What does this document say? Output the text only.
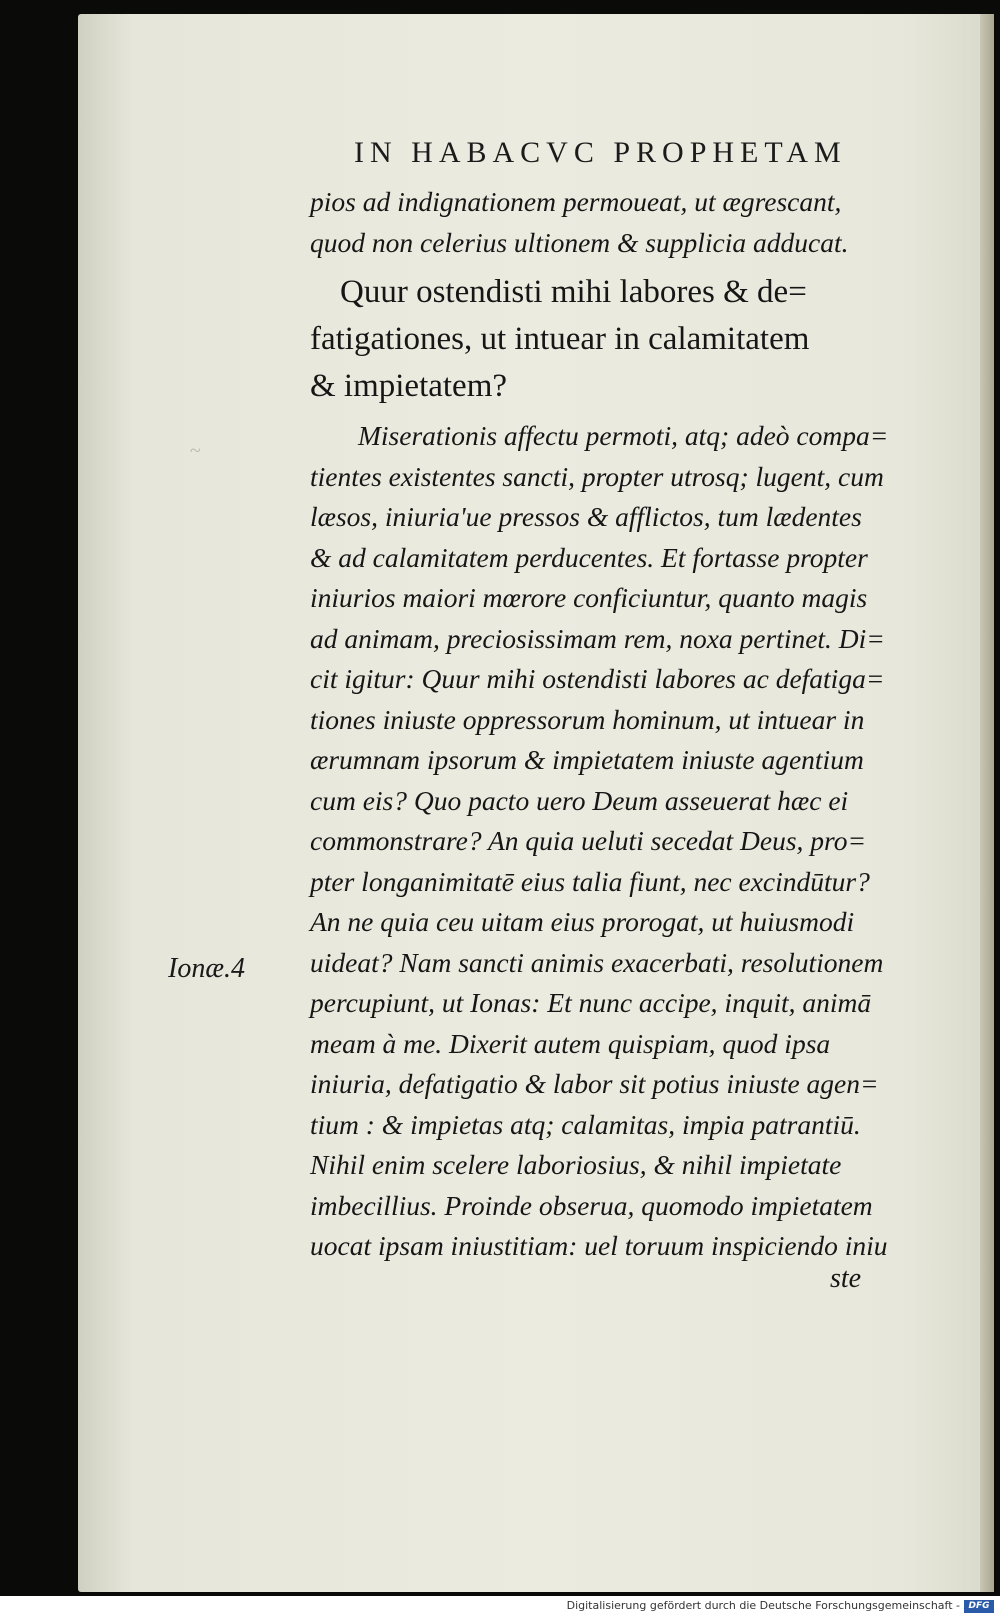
~
IN HABACVC PROPHETAM
pios ad indignationem permoueat, ut ægrescant,
quod non celerius ultionem & supplicia adducat.
Quur ostendisti mihi labores & de=
fatigationes, ut intuear in calamitatem
& impietatem?
Miserationis affectu permoti, atq; adeò compa=
tientes existentes sancti, propter utrosq; lugent, cum
læsos, iniuria'ue pressos & afflictos, tum lædentes
& ad calamitatem perducentes. Et fortasse propter
iniurios maiori mœrore conficiuntur, quanto magis
ad animam, preciosissimam rem, noxa pertinet. Di=
cit igitur: Quur mihi ostendisti labores ac defatiga=
tiones iniuste oppressorum hominum, ut intuear in
ærumnam ipsorum & impietatem iniuste agentium
cum eis? Quo pacto uero Deum asseuerat hæc ei
commonstrare? An quia ueluti secedat Deus, pro=
pter longanimitatē eius talia fiunt, nec excindūtur?
An ne quia ceu uitam eius prorogat, ut huiusmodi
uideat? Nam sancti animis exacerbati, resolutionem
percupiunt, ut Ionas: Et nunc accipe, inquit, animā
meam à me. Dixerit autem quispiam, quod ipsa
iniuria, defatigatio & labor sit potius iniuste agen=
tium : & impietas atq; calamitas, impia patrantiū.
Nihil enim scelere laboriosius, & nihil impietate
imbecillius. Proinde obserua, quomodo impietatem
uocat ipsam iniustitiam: uel toruum inspiciendo iniu
Ionæ.4
ste
Digitalisierung gefördert durch die Deutsche Forschungsgemeinschaft - DFG
